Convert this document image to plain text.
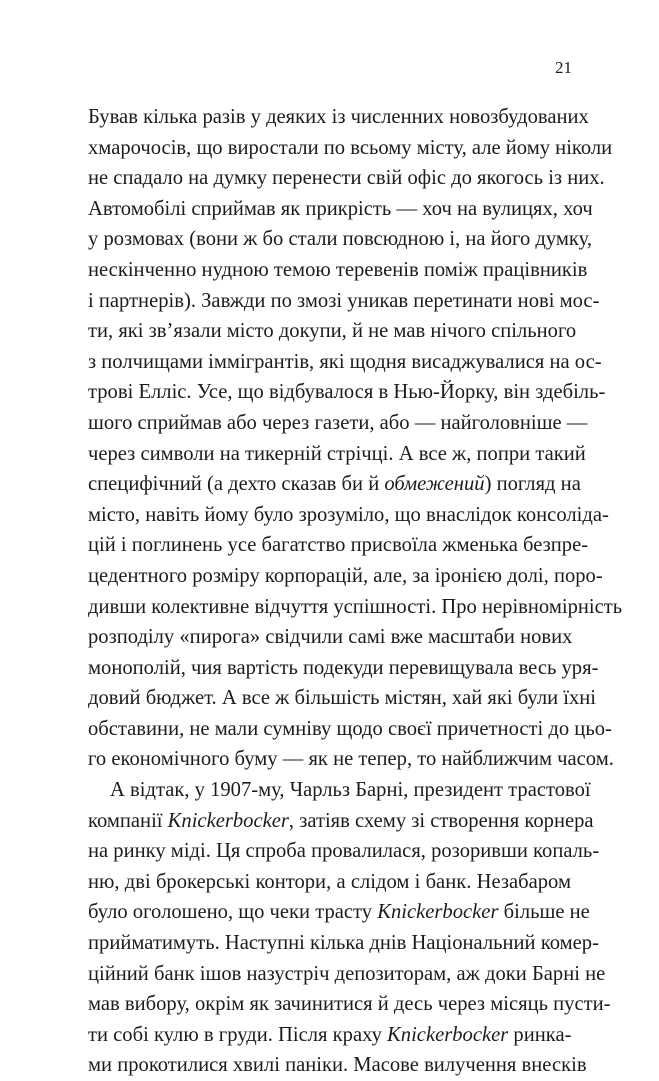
21
Бував кілька разів у деяких із численних новозбудованих
хмарочосів, що виростали по всьому місту, але йому ніколи
не спадало на думку перенести свій офіс до якогось із них.
Автомобілі сприймав як прикрість — хоч на вулицях, хоч
у розмовах (вони ж бо стали повсюдною і, на його думку,
нескінченно нудною темою теревенів поміж працівників
і партнерів). Завжди по змозі уникав перетинати нові мос-
ти, які зв’язали місто докупи, й не мав нічого спільного
з полчищами іммігрантів, які щодня висаджувалися на ос-
трові Елліс. Усе, що відбувалося в Нью-Йорку, він здебіль-
шого сприймав або через газети, або — найголовніше —
через символи на тикерній стрічці. А все ж, попри такий
специфічний (а дехто сказав би й обмежений) погляд на
місто, навіть йому було зрозуміло, що внаслідок консоліда-
цій і поглинень усе багатство присвоїла жменька безпре-
цедентного розміру корпорацій, але, за іронією долі, поро-
дивши колективне відчуття успішності. Про нерівномірність
розподілу «пирога» свідчили самі вже масштаби нових
монополій, чия вартість подекуди перевищувала весь уря-
довий бюджет. А все ж більшість містян, хай які були їхні
обставини, не мали сумніву щодо своєї причетності до цьо-
го економічного буму — як не тепер, то найближчим часом.
А відтак, у 1907-му, Чарльз Барні, президент трастової
компанії Knickerbocker, затіяв схему зі створення корнера
на ринку міді. Ця спроба провалилася, розоривши копаль-
ню, дві брокерські контори, а слідом і банк. Незабаром
було оголошено, що чеки трасту Knickerbocker більше не
прийматимуть. Наступні кілька днів Національний комер-
ційний банк ішов назустріч депозиторам, аж доки Барні не
мав вибору, окрім як зачинитися й десь через місяць пусти-
ти собі кулю в груди. Після краху Knickerbocker ринка-
ми прокотилися хвилі паніки. Масове вилучення внесків
